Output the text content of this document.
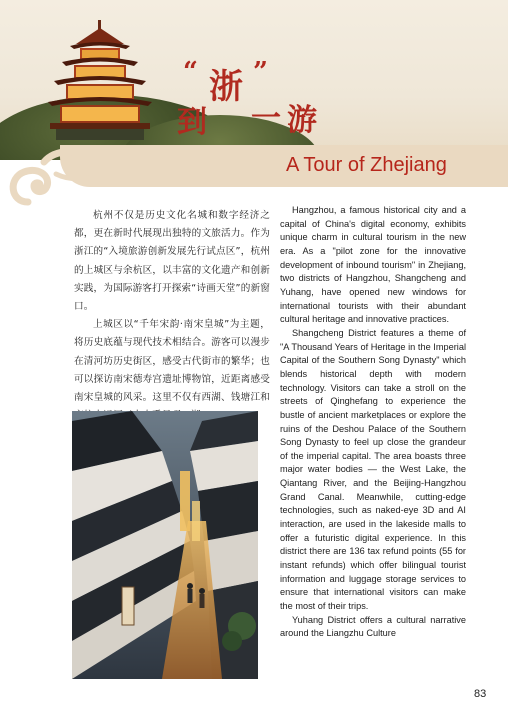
“ 浙 ”
到 一 游
A Tour of Zhejiang

杭州不仅是历史文化名城和数字经济之都，更在新时代展现出独特的文旅活力。作为浙江的“入境旅游创新发展先行试点区”，杭州的上城区与余杭区，以丰富的文化遗产和创新实践，为国际游客打开探索“诗画天堂”的新窗口。

上城区以“千年宋韵·南宋皇城”为主题，将历史底蕴与现代技术相结合。游客可以漫步在清河坊历史街区，感受古代街市的繁华；也可以探访南宋德寿宫遗址博物馆，近距离感受南宋皇城的风采。这里不仅有西湖、钱塘江和

Hangzhou, a famous historical city and a capital of China's digital economy, exhibits unique charm in cultural tourism in the new era. As a "pilot zone for the innovative development of inbound tourism" in Zhejiang, two districts of Hangzhou, Shangcheng and Yuhang, have opened new windows for international tourists with their abundant cultural heritage and innovative practices.

Shangcheng District features a theme of "A Thousand Years of Heritage in the Imperial Capital of the Southern Song Dynasty" which blends historical depth with modern technology. Visitors can take a stroll on the streets of Qinghefang to experience the bustle of ancient marketplaces or explore the ruins of the Deshou Palace of the Southern Song Dynasty to feel up close the grandeur of the imperial capital. The area boasts three major water bodies — the West Lake, the Qiantang River, and the Beijing-Hangzhou Grand Canal. Meanwhile, cutting-edge technologies, such as naked-eye 3D and AI interaction, are used in the lakeside malls to offer a futuristic digital experience. In this district there are 136 tax refund points (55 for instant refunds) which offer bilingual tourist information and luggage storage services to ensure that international visitors can make the most of their trips.

Yuhang District offers a cultural narrative around the Liangzhu Culture

83
